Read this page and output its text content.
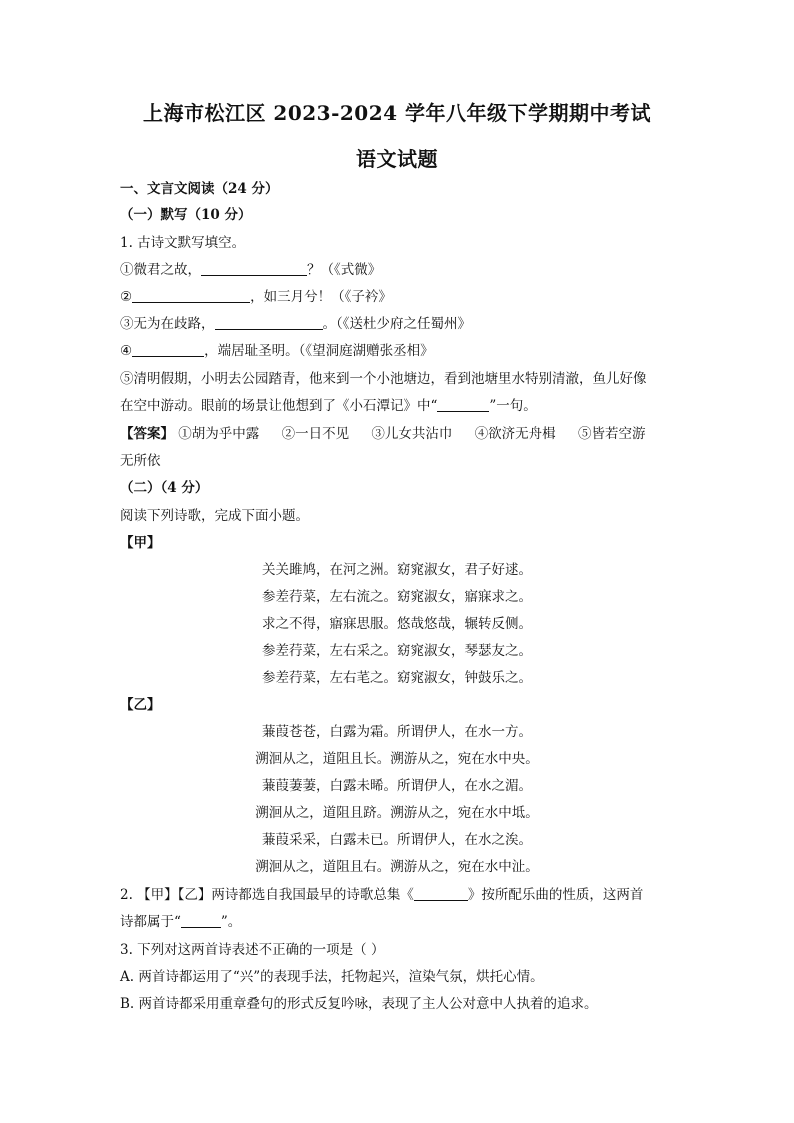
上海市松江区 2023-2024 学年八年级下学期期中考试
语文试题
一、文言文阅读（24 分）
（一）默写（10 分）
1. 古诗文默写填空。
①微君之故，	？（《式微》
②	，如三月兮！（《子衿》
③无为在歧路，	。（《送杜少府之任蜀州》
④	，端居耻圣明。（《望洞庭湖赠张丞相》
⑤清明假期，小明去公园踏青，他来到一个小池塘边，看到池塘里水特别清澈，鱼儿好像
在空中游动。眼前的场景让他想到了《小石潭记》中“	”一句。
【答案】 ①胡为乎中露 ②一日不见 ③儿女共沾巾 ④欲济无舟楫 ⑤皆若空游
无所依
（二）（4 分）
阅读下列诗歌，完成下面小题。
【甲】
关关雎鸠，在河之洲。窈窕淑女，君子好逑。
参差荇菜，左右流之。窈窕淑女，寤寐求之。
求之不得，寤寐思服。悠哉悠哉，辗转反侧。
参差荇菜，左右采之。窈窕淑女，琴瑟友之。
参差荇菜，左右芼之。窈窕淑女，钟鼓乐之。
【乙】
蒹葭苍苍，白露为霜。所谓伊人，在水一方。
溯洄从之，道阻且长。溯游从之，宛在水中央。
蒹葭萋萋，白露未晞。所谓伊人，在水之湄。
溯洄从之，道阻且跻。溯游从之，宛在水中坻。
蒹葭采采，白露未已。所谓伊人，在水之涘。
溯洄从之，道阻且右。溯游从之，宛在水中沚。
2. 【甲】【乙】两诗都选自我国最早的诗歌总集《	》按所配乐曲的性质，这两首
诗都属于“	”。
3. 下列对这两首诗表述不正确的一项是（ ）
A. 两首诗都运用了“兴”的表现手法，托物起兴，渲染气氛，烘托心情。
B. 两首诗都采用重章叠句的形式反复吟咏，表现了主人公对意中人执着的追求。
